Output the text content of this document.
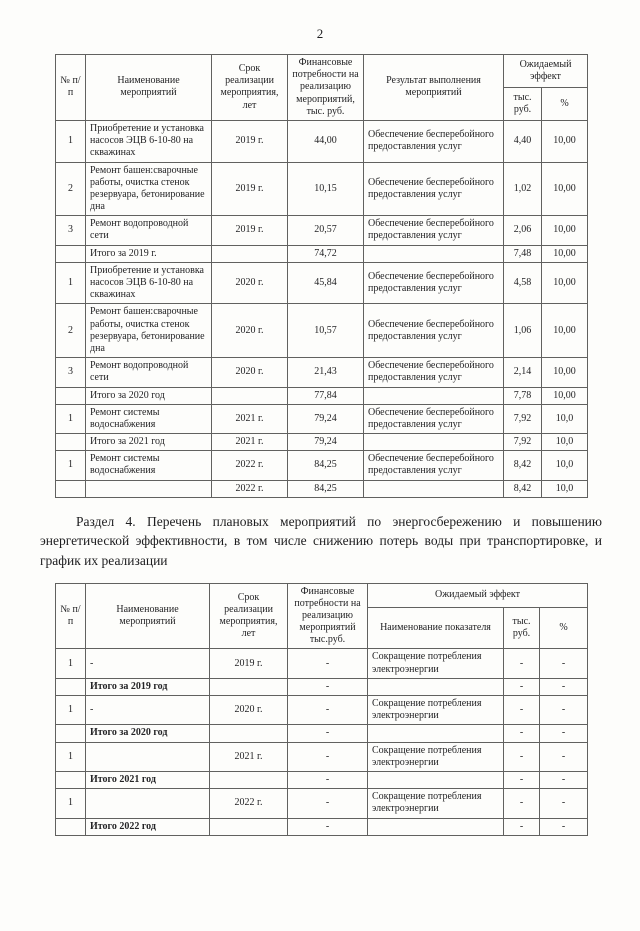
2
№ п/п	Наименование мероприятий	Срок реализации мероприятия, лет	Финансовые потребности на реализацию мероприятий, тыс. руб.	Результат выполнения мероприятий	Ожидаемый эффект	
					тыс. руб.	%
1	Приобретение и установка насосов ЭЦВ 6-10-80 на скважинах	2019 г.	44,00	Обеспечение бесперебойного предоставления услуг	4,40	10,00
2	Ремонт башен:сварочные работы, очистка стенок резервуара, бетонирование дна	2019 г.	10,15	Обеспечение бесперебойного предоставления услуг	1,02	10,00
3	Ремонт водопроводной сети	2019 г.	20,57	Обеспечение бесперебойного предоставления услуг	2,06	10,00
	Итого за 2019 г.		74,72		7,48	10,00
1	Приобретение и установка насосов ЭЦВ 6-10-80 на скважинах	2020 г.	45,84	Обеспечение бесперебойного предоставления услуг	4,58	10,00
2	Ремонт башен:сварочные работы, очистка стенок резервуара, бетонирование дна	2020 г.	10,57	Обеспечение бесперебойного предоставления услуг	1,06	10,00
3	Ремонт водопроводной сети	2020 г.	21,43	Обеспечение бесперебойного предоставления услуг	2,14	10,00
	Итого за 2020 год		77,84		7,78	10,00
1	Ремонт системы водоснабжения	2021 г.	79,24	Обеспечение бесперебойного предоставления услуг	7,92	10,0
	Итого за 2021 год	2021 г.	79,24		7,92	10,0
1	Ремонт системы водоснабжения	2022 г.	84,25	Обеспечение бесперебойного предоставления услуг	8,42	10,0
		2022 г.	84,25		8,42	10,0
Раздел 4. Перечень плановых мероприятий по энергосбережению и повышению энергетической эффективности, в том числе снижению потерь воды при транспортировке, и график их реализации
№ п/п	Наименование мероприятий	Срок реализации мероприятия, лет	Финансовые потребности на реализацию мероприятий тыс.руб.	Ожидаемый эффект		
				Наименование показателя	тыс. руб.	%
1	-	2019 г.	-	Сокращение потребления электроэнергии	-	-
	Итого за 2019 год		-		-	-
1	-	2020 г.	-	Сокращение потребления электроэнергии	-	-
	Итого за 2020 год		-		-	-
1		2021 г.	-	Сокращение потребления электроэнергии	-	-
	Итого 2021 год		-		-	-
1		2022 г.	-	Сокращение потребления электроэнергии	-	-
	Итого 2022 год		-		-	-
